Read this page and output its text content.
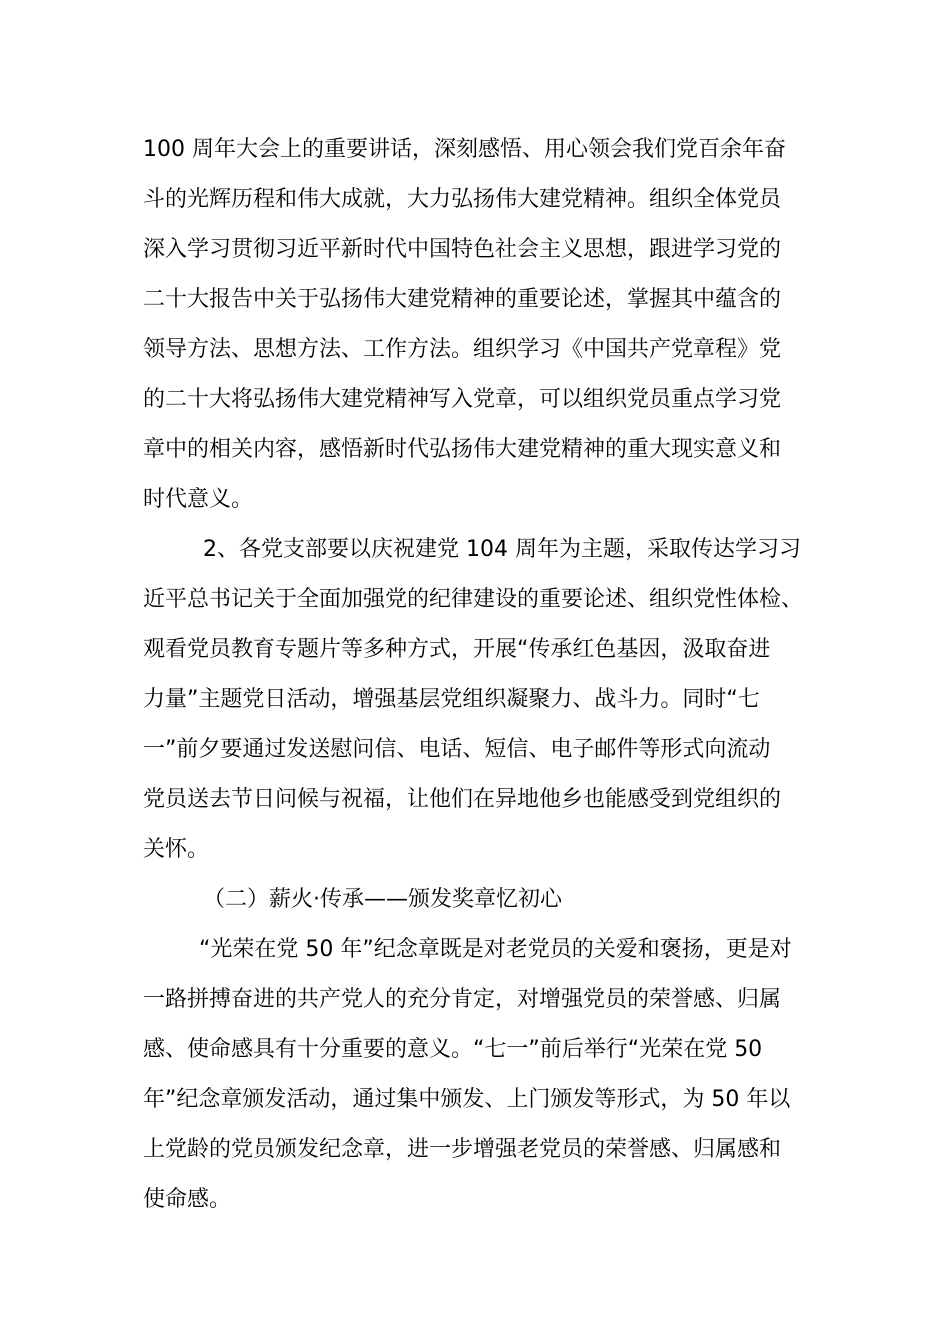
100 周年大会上的重要讲话，深刻感悟、用心领会我们党百余年奋
斗的光辉历程和伟大成就，大力弘扬伟大建党精神。组织全体党员
深入学习贯彻习近平新时代中国特色社会主义思想，跟进学习党的
二十大报告中关于弘扬伟大建党精神的重要论述，掌握其中蕴含的
领导方法、思想方法、工作方法。组织学习《中国共产党章程》党
的二十大将弘扬伟大建党精神写入党章，可以组织党员重点学习党
章中的相关内容，感悟新时代弘扬伟大建党精神的重大现实意义和
时代意义。
2、各党支部要以庆祝建党 104 周年为主题，采取传达学习习
近平总书记关于全面加强党的纪律建设的重要论述、组织党性体检、
观看党员教育专题片等多种方式，开展“传承红色基因，汲取奋进
力量”主题党日活动，增强基层党组织凝聚力、战斗力。同时“七
一”前夕要通过发送慰问信、电话、短信、电子邮件等形式向流动
党员送去节日问候与祝福，让他们在异地他乡也能感受到党组织的
关怀。
（二）薪火·传承——颁发奖章忆初心
“光荣在党 50 年”纪念章既是对老党员的关爱和褒扬，更是对
一路拼搏奋进的共产党人的充分肯定，对增强党员的荣誉感、归属
感、使命感具有十分重要的意义。“七一”前后举行“光荣在党 50
年”纪念章颁发活动，通过集中颁发、上门颁发等形式，为 50 年以
上党龄的党员颁发纪念章，进一步增强老党员的荣誉感、归属感和
使命感。
